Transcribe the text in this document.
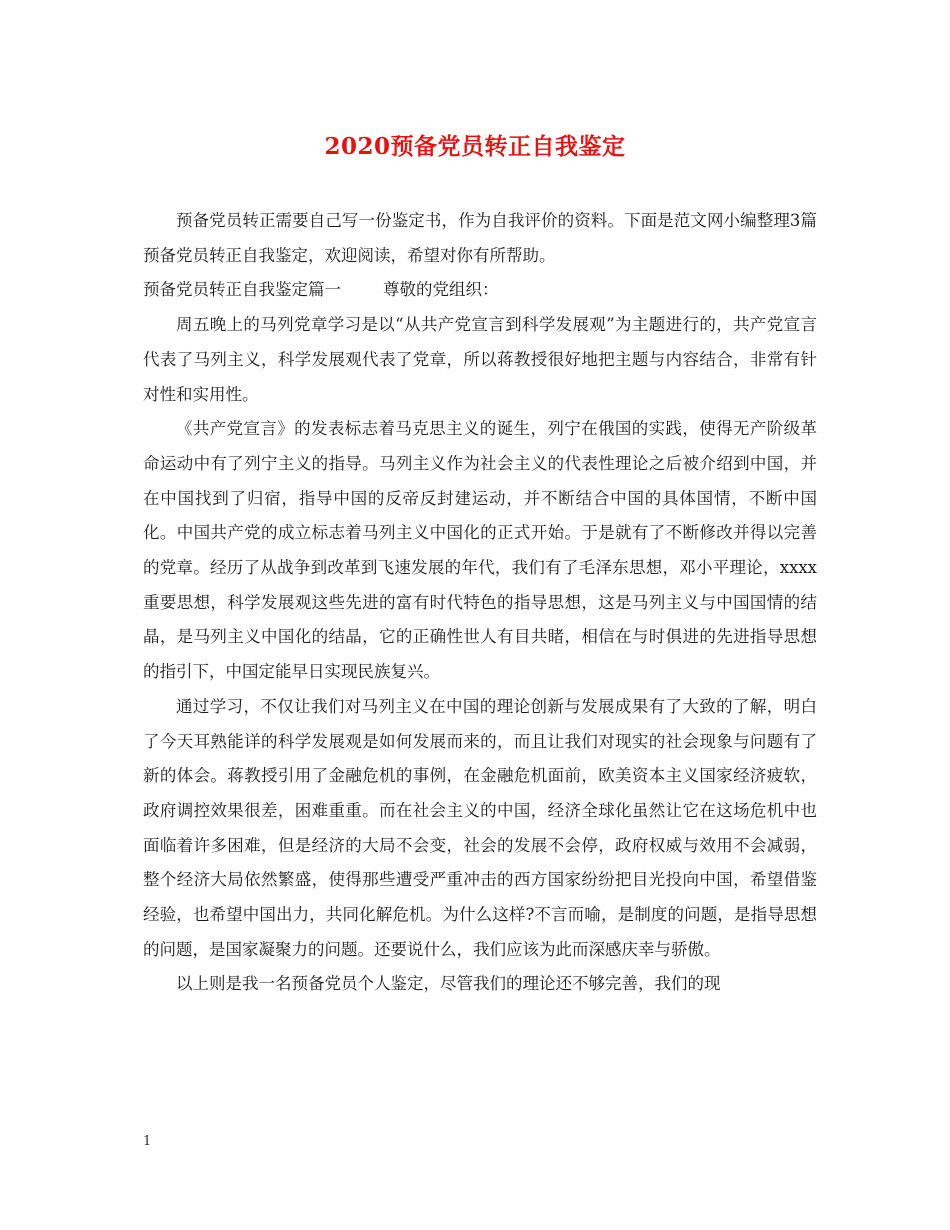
2020预备党员转正自我鉴定

预备党员转正需要自己写一份鉴定书，作为自我评价的资料。下面是范文网小编整理3篇预备党员转正自我鉴定，欢迎阅读，希望对你有所帮助。

预备党员转正自我鉴定篇一	尊敬的党组织：

周五晚上的马列党章学习是以“从共产党宣言到科学发展观”为主题进行的，共产党宣言代表了马列主义，科学发展观代表了党章，所以蒋教授很好地把主题与内容结合，非常有针对性和实用性。

《共产党宣言》的发表标志着马克思主义的诞生，列宁在俄国的实践，使得无产阶级革命运动中有了列宁主义的指导。马列主义作为社会主义的代表性理论之后被介绍到中国，并在中国找到了归宿，指导中国的反帝反封建运动，并不断结合中国的具体国情，不断中国化。中国共产党的成立标志着马列主义中国化的正式开始。于是就有了不断修改并得以完善的党章。经历了从战争到改革到飞速发展的年代，我们有了毛泽东思想，邓小平理论，xxxx重要思想，科学发展观这些先进的富有时代特色的指导思想，这是马列主义与中国国情的结晶，是马列主义中国化的结晶，它的正确性世人有目共睹，相信在与时俱进的先进指导思想的指引下，中国定能早日实现民族复兴。

通过学习，不仅让我们对马列主义在中国的理论创新与发展成果有了大致的了解，明白了今天耳熟能详的科学发展观是如何发展而来的，而且让我们对现实的社会现象与问题有了新的体会。蒋教授引用了金融危机的事例，在金融危机面前，欧美资本主义国家经济疲软，政府调控效果很差，困难重重。而在社会主义的中国，经济全球化虽然让它在这场危机中也面临着许多困难，但是经济的大局不会变，社会的发展不会停，政府权威与效用不会减弱，整个经济大局依然繁盛，使得那些遭受严重冲击的西方国家纷纷把目光投向中国，希望借鉴经验，也希望中国出力，共同化解危机。为什么这样?不言而喻，是制度的问题，是指导思想的问题，是国家凝聚力的问题。还要说什么，我们应该为此而深感庆幸与骄傲。

以上则是我一名预备党员个人鉴定，尽管我们的理论还不够完善，我们的现

1
